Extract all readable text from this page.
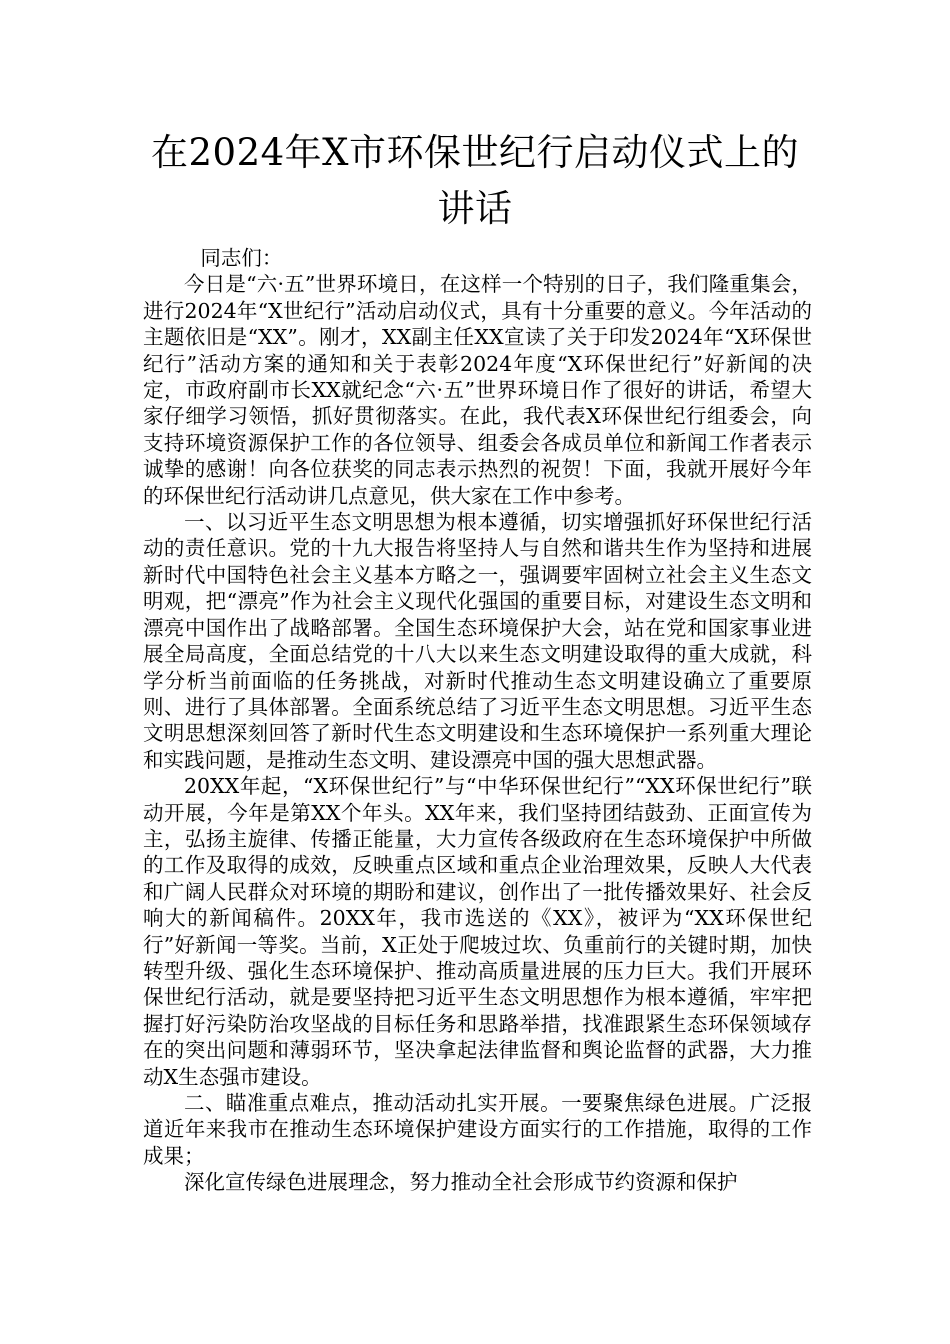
在2024年X市环保世纪行启动仪式上的讲话

同志们：

今日是“六·五”世界环境日，在这样一个特别的日子，我们隆重集会，进行2024年“X世纪行”活动启动仪式，具有十分重要的意义。今年活动的主题依旧是“XX”。刚才，XX副主任XX宣读了关于印发2024年“X环保世纪行”活动方案的通知和关于表彰2024年度“X环保世纪行”好新闻的决定，市政府副市长XX就纪念“六·五”世界环境日作了很好的讲话，希望大家仔细学习领悟，抓好贯彻落实。在此，我代表X环保世纪行组委会，向支持环境资源保护工作的各位领导、组委会各成员单位和新闻工作者表示诚挚的感谢！向各位获奖的同志表示热烈的祝贺！下面，我就开展好今年的环保世纪行活动讲几点意见，供大家在工作中参考。

一、以习近平生态文明思想为根本遵循，切实增强抓好环保世纪行活动的责任意识。党的十九大报告将坚持人与自然和谐共生作为坚持和进展新时代中国特色社会主义基本方略之一，强调要牢固树立社会主义生态文明观，把“漂亮”作为社会主义现代化强国的重要目标，对建设生态文明和漂亮中国作出了战略部署。全国生态环境保护大会，站在党和国家事业进展全局高度，全面总结党的十八大以来生态文明建设取得的重大成就，科学分析当前面临的任务挑战，对新时代推动生态文明建设确立了重要原则、进行了具体部署。全面系统总结了习近平生态文明思想。习近平生态文明思想深刻回答了新时代生态文明建设和生态环境保护一系列重大理论和实践问题，是推动生态文明、建设漂亮中国的强大思想武器。

20XX年起，“X环保世纪行”与“中华环保世纪行”“XX环保世纪行”联动开展，今年是第XX个年头。XX年来，我们坚持团结鼓劲、正面宣传为主，弘扬主旋律、传播正能量，大力宣传各级政府在生态环境保护中所做的工作及取得的成效，反映重点区域和重点企业治理效果，反映人大代表和广阔人民群众对环境的期盼和建议，创作出了一批传播效果好、社会反响大的新闻稿件。20XX年，我市选送的《XX》，被评为“XX环保世纪行”好新闻一等奖。当前，X正处于爬坡过坎、负重前行的关键时期，加快转型升级、强化生态环境保护、推动高质量进展的压力巨大。我们开展环保世纪行活动，就是要坚持把习近平生态文明思想作为根本遵循，牢牢把握打好污染防治攻坚战的目标任务和思路举措，找准跟紧生态环保领域存在的突出问题和薄弱环节，坚决拿起法律监督和舆论监督的武器，大力推动X生态强市建设。

二、瞄准重点难点，推动活动扎实开展。一要聚焦绿色进展。广泛报道近年来我市在推动生态环境保护建设方面实行的工作措施，取得的工作成果；

深化宣传绿色进展理念，努力推动全社会形成节约资源和保护
